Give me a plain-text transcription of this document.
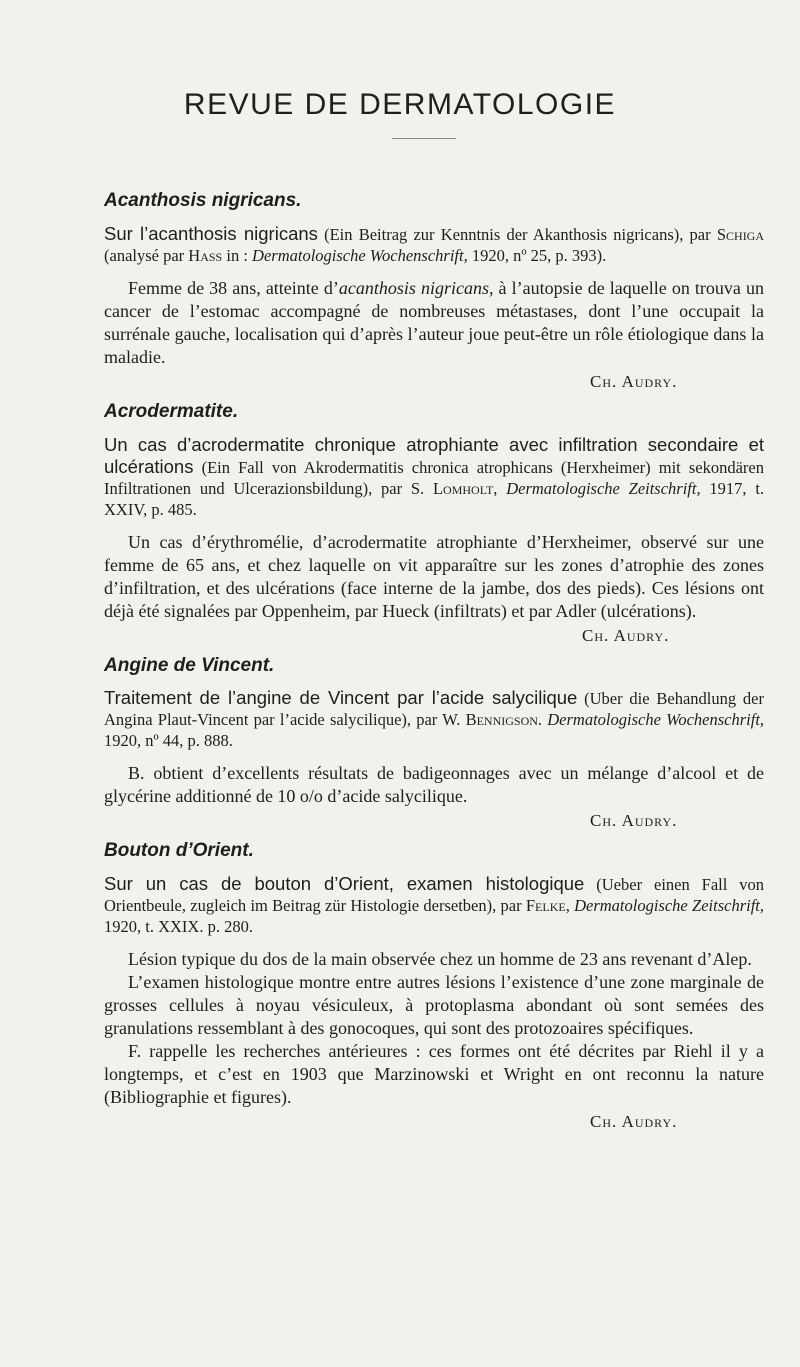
REVUE DE DERMATOLOGIE
Acanthosis nigricans.

Sur l’acanthosis nigricans (Ein Beitrag zur Kenntnis der Akanthosis nigricans), par Schiga (analysé par Hass in : Dermatologische Wochenschrift, 1920, nº 25, p. 393).

Femme de 38 ans, atteinte d’acanthosis nigricans, à l’autopsie de laquelle on trouva un cancer de l’estomac accompagné de nombreuses métastases, dont l’une occupait la surrénale gauche, localisation qui d’après l’auteur joue peut-être un rôle étiologique dans la maladie.

Ch. Audry.
Acrodermatite.

Un cas d’acrodermatite chronique atrophiante avec infiltration secondaire et ulcérations (Ein Fall von Akrodermatitis chronica atrophicans (Herxheimer) mit sekondären Infiltrationen und Ulcerazionsbildung), par S. Lomholt, Dermatologische Zeitschrift, 1917, t. XXIV, p. 485.

Un cas d’érythromélie, d’acrodermatite atrophiante d’Herxheimer, observé sur une femme de 65 ans, et chez laquelle on vit apparaître sur les zones d’atrophie des zones d’infiltration, et des ulcérations (face interne de la jambe, dos des pieds). Ces lésions ont déjà été signalées par Oppenheim, par Hueck (infiltrats) et par Adler (ulcérations).

Ch. Audry.
Angine de Vincent.

Traitement de l’angine de Vincent par l’acide salycilique (Uber die Behandlung der Angina Plaut-Vincent par l’acide salycilique), par W. Bennigson. Dermatologische Wochenschrift, 1920, nº 44, p. 888.

B. obtient d’excellents résultats de badigeonnages avec un mélange d’alcool et de glycérine additionné de 10 o/o d’acide salycilique.

Ch. Audry.
Bouton d’Orient.

Sur un cas de bouton d’Orient, examen histologique (Ueber einen Fall von Orientbeule, zugleich im Beitrag zür Histologie dersetben), par Felke, Dermatologische Zeitschrift, 1920, t. XXIX. p. 280.

Lésion typique du dos de la main observée chez un homme de 23 ans revenant d’Alep.

L’examen histologique montre entre autres lésions l’existence d’une zone marginale de grosses cellules à noyau vésiculeux, à protoplasma abondant où sont semées des granulations ressemblant à des gonocoques, qui sont des protozoaires spécifiques.

F. rappelle les recherches antérieures : ces formes ont été décrites par Riehl il y a longtemps, et c’est en 1903 que Marzinowski et Wright en ont reconnu la nature (Bibliographie et figures).

Ch. Audry.
